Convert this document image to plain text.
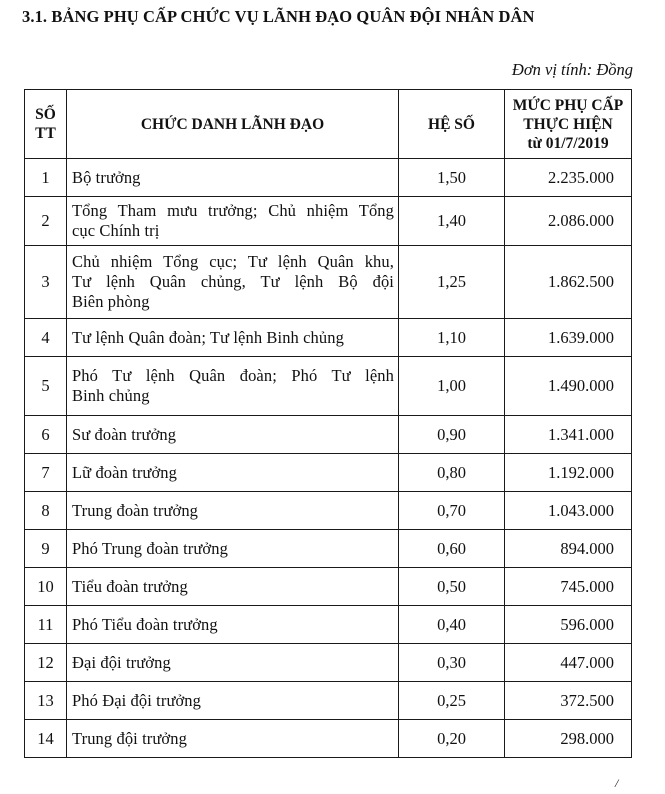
3.1. BẢNG PHỤ CẤP CHỨC VỤ LÃNH ĐẠO QUÂN ĐỘI NHÂN DÂN
Đơn vị tính: Đồng
SỐ
TT	CHỨC DANH LÃNH ĐẠO	HỆ SỐ	MỨC PHỤ CẤP
THỰC HIỆN
từ 01/7/2019
1	Bộ trưởng	1,50	2.235.000
2	Tổng Tham mưu trưởng; Chủ nhiệm Tổng
cục Chính trị	1,40	2.086.000
3	Chủ nhiệm Tổng cục; Tư lệnh Quân khu,
Tư lệnh Quân chủng, Tư lệnh Bộ đội
Biên phòng	1,25	1.862.500
4	Tư lệnh Quân đoàn; Tư lệnh Binh chủng	1,10	1.639.000
5	Phó Tư lệnh Quân đoàn; Phó Tư lệnh
Binh chủng	1,00	1.490.000
6	Sư đoàn trưởng	0,90	1.341.000
7	Lữ đoàn trưởng	0,80	1.192.000
8	Trung đoàn trưởng	0,70	1.043.000
9	Phó Trung đoàn trưởng	0,60	894.000
10	Tiểu đoàn trưởng	0,50	745.000
11	Phó Tiểu đoàn trưởng	0,40	596.000
12	Đại đội trưởng	0,30	447.000
13	Phó Đại đội trưởng	0,25	372.500
14	Trung đội trưởng	0,20	298.000
/
